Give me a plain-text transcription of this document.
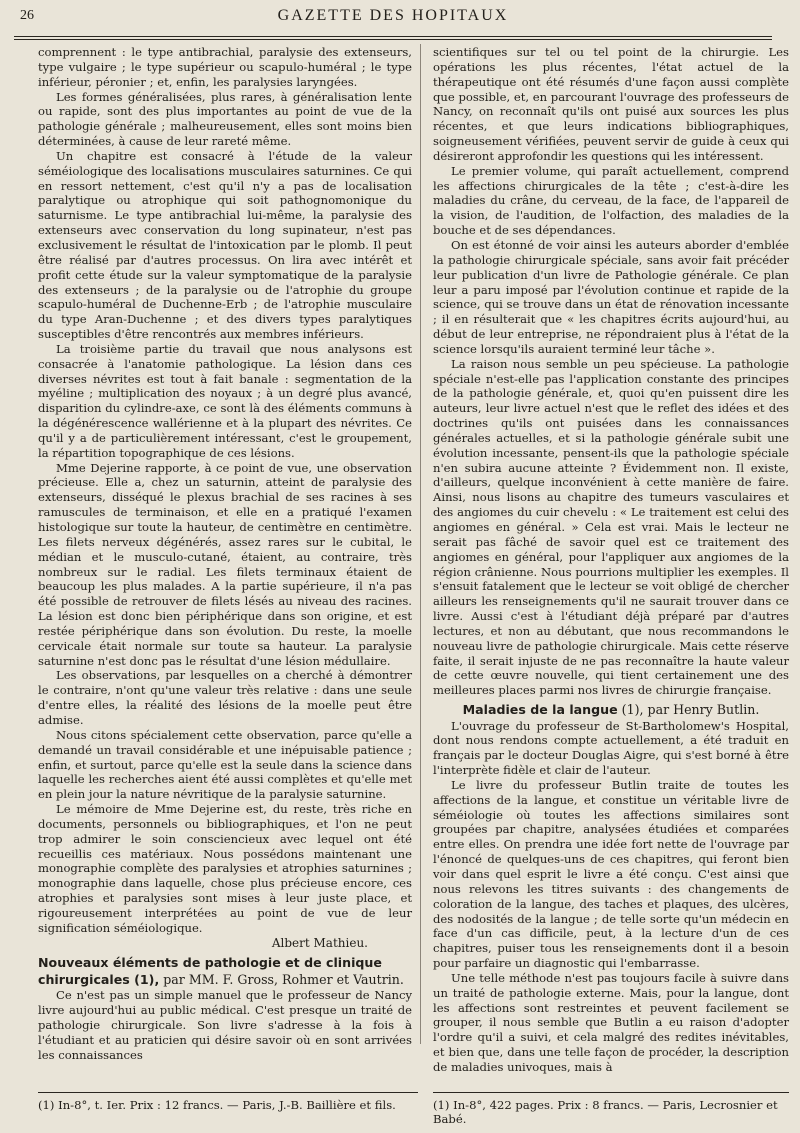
26	GAZETTE DES HOPITAUX

comprennent : le type antibrachial, paralysie des extenseurs, type vulgaire ; le type supérieur ou scapulo-huméral ; le type inférieur, péronier ; et, enfin, les paralysies laryngées.

Les formes généralisées, plus rares, à généralisation lente ou rapide, sont des plus importantes au point de vue de la pathologie générale ; malheureusement, elles sont moins bien déterminées, à cause de leur rareté même.

Un chapitre est consacré à l'étude de la valeur séméiologique des localisations musculaires saturnines. Ce qui en ressort nettement, c'est qu'il n'y a pas de localisation paralytique ou atrophique qui soit pathognomonique du saturnisme. Le type antibrachial lui-même, la paralysie des extenseurs avec conservation du long supinateur, n'est pas exclusivement le résultat de l'intoxication par le plomb. Il peut être réalisé par d'autres processus. On lira avec intérêt et profit cette étude sur la valeur symptomatique de la paralysie des extenseurs ; de la paralysie ou de l'atrophie du groupe scapulo-huméral de Duchenne-Erb ; de l'atrophie musculaire du type Aran-Duchenne ; et des divers types paralytiques susceptibles d'être rencontrés aux membres inférieurs.

La troisième partie du travail que nous analysons est consacrée à l'anatomie pathologique. La lésion dans ces diverses névrites est tout à fait banale : segmentation de la myéline ; multiplication des noyaux ; à un degré plus avancé, disparition du cylindre-axe, ce sont là des éléments communs à la dégénérescence wallérienne et à la plupart des névrites. Ce qu'il y a de particulièrement intéressant, c'est le groupement, la répartition topographique de ces lésions.

Mme Dejerine rapporte, à ce point de vue, une observation précieuse. Elle a, chez un saturnin, atteint de paralysie des extenseurs, disséqué le plexus brachial de ses racines à ses ramuscules de terminaison, et elle en a pratiqué l'examen histologique sur toute la hauteur, de centimètre en centimètre. Les filets nerveux dégénérés, assez rares sur le cubital, le médian et le musculo-cutané, étaient, au contraire, très nombreux sur le radial. Les filets terminaux étaient de beaucoup les plus malades. A la partie supérieure, il n'a pas été possible de retrouver de filets lésés au niveau des racines. La lésion est donc bien périphérique dans son origine, et est restée périphérique dans son évolution. Du reste, la moelle cervicale était normale sur toute sa hauteur. La paralysie saturnine n'est donc pas le résultat d'une lésion médullaire.

Les observations, par lesquelles on a cherché à démontrer le contraire, n'ont qu'une valeur très relative : dans une seule d'entre elles, la réalité des lésions de la moelle peut être admise.

Nous citons spécialement cette observation, parce qu'elle a demandé un travail considérable et une inépuisable patience ; enfin, et surtout, parce qu'elle est la seule dans la science dans laquelle les recherches aient été aussi complètes et qu'elle met en plein jour la nature névritique de la paralysie saturnine.

Le mémoire de Mme Dejerine est, du reste, très riche en documents, personnels ou bibliographiques, et l'on ne peut trop admirer le soin consciencieux avec lequel ont été recueillis ces matériaux. Nous possédons maintenant une monographie complète des paralysies et atrophies saturnines ; monographie dans laquelle, chose plus précieuse encore, ces atrophies et paralysies sont mises à leur juste place, et rigoureusement interprétées au point de vue de leur signification séméiologique.

Albert Mathieu.

Nouveaux éléments de pathologie et de clinique chirurgicales (1), par MM. F. Gross, Rohmer et Vautrin.

Ce n'est pas un simple manuel que le professeur de Nancy livre aujourd'hui au public médical. C'est presque un traité de pathologie chirurgicale. Son livre s'adresse à la fois à l'étudiant et au praticien qui désire savoir où en sont arrivées les connaissances

scientifiques sur tel ou tel point de la chirurgie. Les opérations les plus récentes, l'état actuel de la thérapeutique ont été résumés d'une façon aussi complète que possible, et, en parcourant l'ouvrage des professeurs de Nancy, on reconnaît qu'ils ont puisé aux sources les plus récentes, et que leurs indications bibliographiques, soigneusement vérifiées, peuvent servir de guide à ceux qui désireront approfondir les questions qui les intéressent.

Le premier volume, qui paraît actuellement, comprend les affections chirurgicales de la tête ; c'est-à-dire les maladies du crâne, du cerveau, de la face, de l'appareil de la vision, de l'audition, de l'olfaction, des maladies de la bouche et de ses dépendances.

On est étonné de voir ainsi les auteurs aborder d'emblée la pathologie chirurgicale spéciale, sans avoir fait précéder leur publication d'un livre de Pathologie générale. Ce plan leur a paru imposé par l'évolution continue et rapide de la science, qui se trouve dans un état de rénovation incessante ; il en résulterait que « les chapitres écrits aujourd'hui, au début de leur entreprise, ne répondraient plus à l'état de la science lorsqu'ils auraient terminé leur tâche ».

La raison nous semble un peu spécieuse. La pathologie spéciale n'est-elle pas l'application constante des principes de la pathologie générale, et, quoi qu'en puissent dire les auteurs, leur livre actuel n'est que le reflet des idées et des doctrines qu'ils ont puisées dans les connaissances générales actuelles, et si la pathologie générale subit une évolution incessante, pensent-ils que la pathologie spéciale n'en subira aucune atteinte ? Évidemment non. Il existe, d'ailleurs, quelque inconvénient à cette manière de faire. Ainsi, nous lisons au chapitre des tumeurs vasculaires et des angiomes du cuir chevelu : « Le traitement est celui des angiomes en général. » Cela est vrai. Mais le lecteur ne serait pas fâché de savoir quel est ce traitement des angiomes en général, pour l'appliquer aux angiomes de la région crânienne. Nous pourrions multiplier les exemples. Il s'ensuit fatalement que le lecteur se voit obligé de chercher ailleurs les renseignements qu'il ne saurait trouver dans ce livre. Aussi c'est à l'étudiant déjà préparé par d'autres lectures, et non au débutant, que nous recommandons le nouveau livre de pathologie chirurgicale. Mais cette réserve faite, il serait injuste de ne pas reconnaître la haute valeur de cette œuvre nouvelle, qui tient certainement une des meilleures places parmi nos livres de chirurgie française.

Maladies de la langue (1), par Henry Butlin.

L'ouvrage du professeur de St-Bartholomew's Hospital, dont nous rendons compte actuellement, a été traduit en français par le docteur Douglas Aigre, qui s'est borné à être l'interprète fidèle et clair de l'auteur.

Le livre du professeur Butlin traite de toutes les affections de la langue, et constitue un véritable livre de séméiologie où toutes les affections similaires sont groupées par chapitre, analysées étudiées et comparées entre elles. On prendra une idée fort nette de l'ouvrage par l'énoncé de quelques-uns de ces chapitres, qui feront bien voir dans quel esprit le livre a été conçu. C'est ainsi que nous relevons les titres suivants : des changements de coloration de la langue, des taches et plaques, des ulcères, des nodosités de la langue ; de telle sorte qu'un médecin en face d'un cas difficile, peut, à la lecture d'un de ces chapitres, puiser tous les renseignements dont il a besoin pour parfaire un diagnostic qui l'embarrasse.

Une telle méthode n'est pas toujours facile à suivre dans un traité de pathologie externe. Mais, pour la langue, dont les affections sont restreintes et peuvent facilement se grouper, il nous semble que Butlin a eu raison d'adopter l'ordre qu'il a suivi, et cela malgré des redites inévitables, et bien que, dans une telle façon de procéder, la description de maladies univoques, mais à

(1) In-8°, t. Ier. Prix : 12 francs. — Paris, J.-B. Baillière et fils.	(1) In-8°, 422 pages. Prix : 8 francs. — Paris, Lecrosnier et Babé.
